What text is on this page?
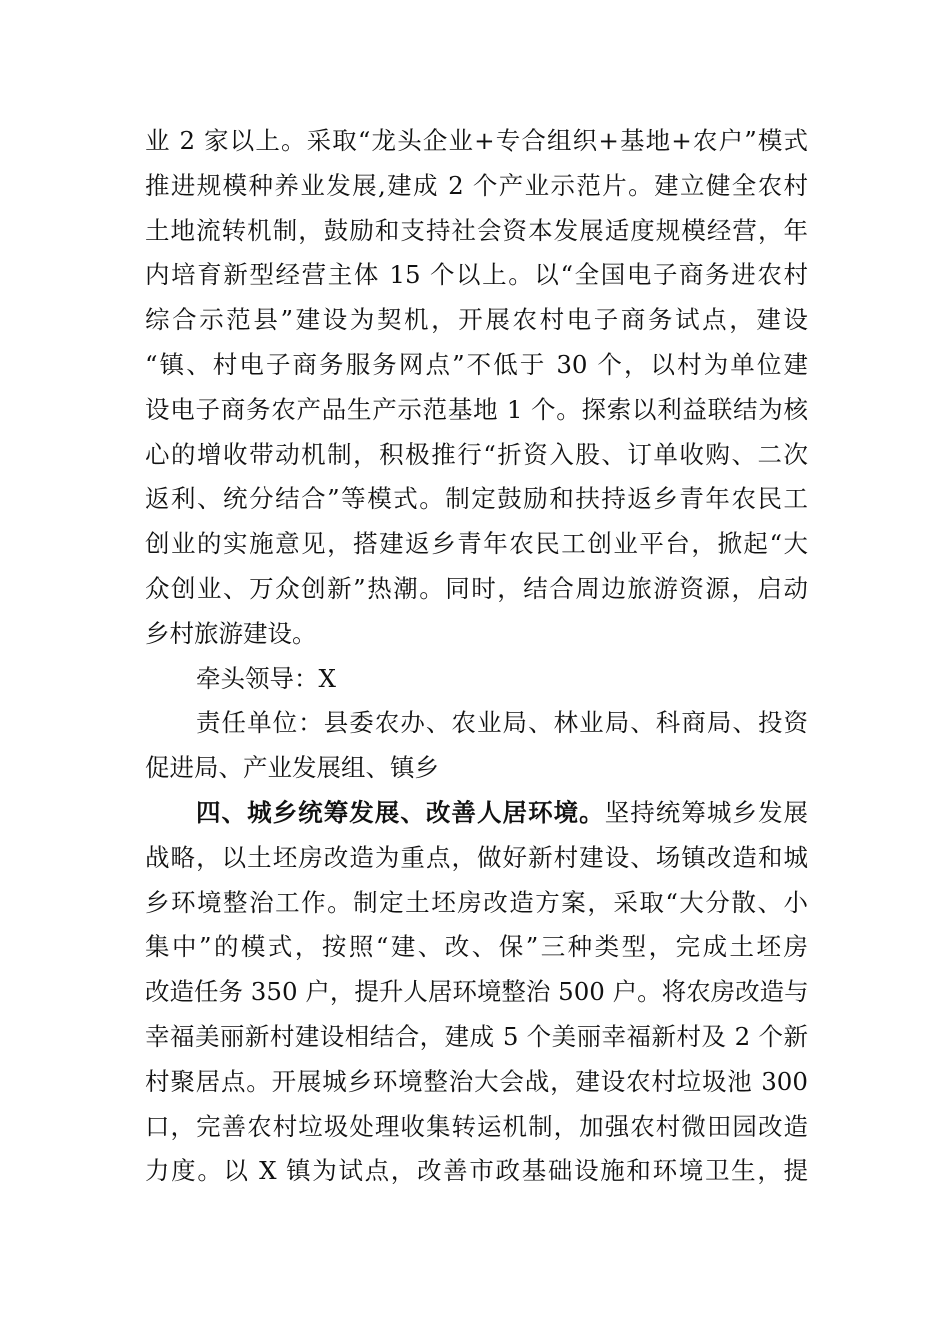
业 2 家以上。采取“龙头企业+专合组织+基地+农户”模式
推进规模种养业发展,建成 2 个产业示范片。建立健全农村
土地流转机制，鼓励和支持社会资本发展适度规模经营，年
内培育新型经营主体 15 个以上。以“全国电子商务进农村
综合示范县”建设为契机，开展农村电子商务试点，建设
“镇、村电子商务服务网点”不低于 30 个，以村为单位建
设电子商务农产品生产示范基地 1 个。探索以利益联结为核
心的增收带动机制，积极推行“折资入股、订单收购、二次
返利、统分结合”等模式。制定鼓励和扶持返乡青年农民工
创业的实施意见，搭建返乡青年农民工创业平台，掀起“大
众创业、万众创新”热潮。同时，结合周边旅游资源，启动
乡村旅游建设。
牵头领导：X
责任单位：县委农办、农业局、林业局、科商局、投资
促进局、产业发展组、镇乡
四、城乡统筹发展、改善人居环境。坚持统筹城乡发展
战略，以土坯房改造为重点，做好新村建设、场镇改造和城
乡环境整治工作。制定土坯房改造方案，采取“大分散、小
集中”的模式，按照“建、改、保”三种类型，完成土坯房
改造任务 350 户，提升人居环境整治 500 户。将农房改造与
幸福美丽新村建设相结合，建成 5 个美丽幸福新村及 2 个新
村聚居点。开展城乡环境整治大会战，建设农村垃圾池 300
口，完善农村垃圾处理收集转运机制，加强农村微田园改造
力度。以 X 镇为试点，改善市政基础设施和环境卫生，提
